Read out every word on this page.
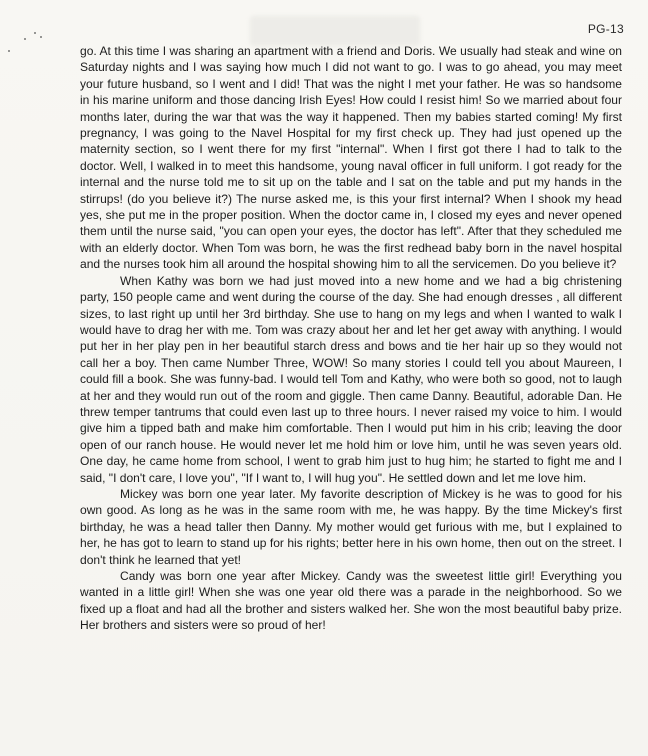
PG-13

go. At this time I was sharing an apartment with a friend and Doris. We usually had steak and wine on Saturday nights and I was saying how much I did not want to go. I was to go ahead, you may meet your future husband, so I went and I did! That was the night I met your father. He was so handsome in his marine uniform and those dancing Irish Eyes! How could I resist him! So we married about four months later, during the war that was the way it happened. Then my babies started coming! My first pregnancy, I was going to the Navel Hospital for my first check up. They had just opened up the maternity section, so I went there for my first "internal". When I first got there I had to talk to the doctor. Well, I walked in to meet this handsome, young naval officer in full uniform. I got ready for the internal and the nurse told me to sit up on the table and I sat on the table and put my hands in the stirrups! (do you believe it?) The nurse asked me, is this your first internal? When I shook my head yes, she put me in the proper position. When the doctor came in, I closed my eyes and never opened them until the nurse said, "you can open your eyes, the doctor has left". After that they scheduled me with an elderly doctor. When Tom was born, he was the first redhead baby born in the navel hospital and the nurses took him all around the hospital showing him to all the servicemen. Do you believe it?

When Kathy was born we had just moved into a new home and we had a big christening party, 150 people came and went during the course of the day. She had enough dresses , all different sizes, to last right up until her 3rd birthday. She use to hang on my legs and when I wanted to walk I would have to drag her with me. Tom was crazy about her and let her get away with anything. I would put her in her play pen in her beautiful starch dress and bows and tie her hair up so they would not call her a boy. Then came Number Three, WOW! So many stories I could tell you about Maureen, I could fill a book. She was funny-bad. I would tell Tom and Kathy, who were both so good, not to laugh at her and they would run out of the room and giggle. Then came Danny. Beautiful, adorable Dan. He threw temper tantrums that could even last up to three hours. I never raised my voice to him. I would give him a tipped bath and make him comfortable. Then I would put him in his crib; leaving the door open of our ranch house. He would never let me hold him or love him, until he was seven years old. One day, he came home from school, I went to grab him just to hug him; he started to fight me and I said, "I don't care, I love you", "If I want to, I will hug you". He settled down and let me love him.

Mickey was born one year later. My favorite description of Mickey is he was to good for his own good. As long as he was in the same room with me, he was happy. By the time Mickey's first birthday, he was a head taller then Danny. My mother would get furious with me, but I explained to her, he has got to learn to stand up for his rights; better here in his own home, then out on the street. I don't think he learned that yet!

Candy was born one year after Mickey. Candy was the sweetest little girl! Everything you wanted in a little girl! When she was one year old there was a parade in the neighborhood. So we fixed up a float and had all the brother and sisters walked her. She won the most beautiful baby prize. Her brothers and sisters were so proud of her!
